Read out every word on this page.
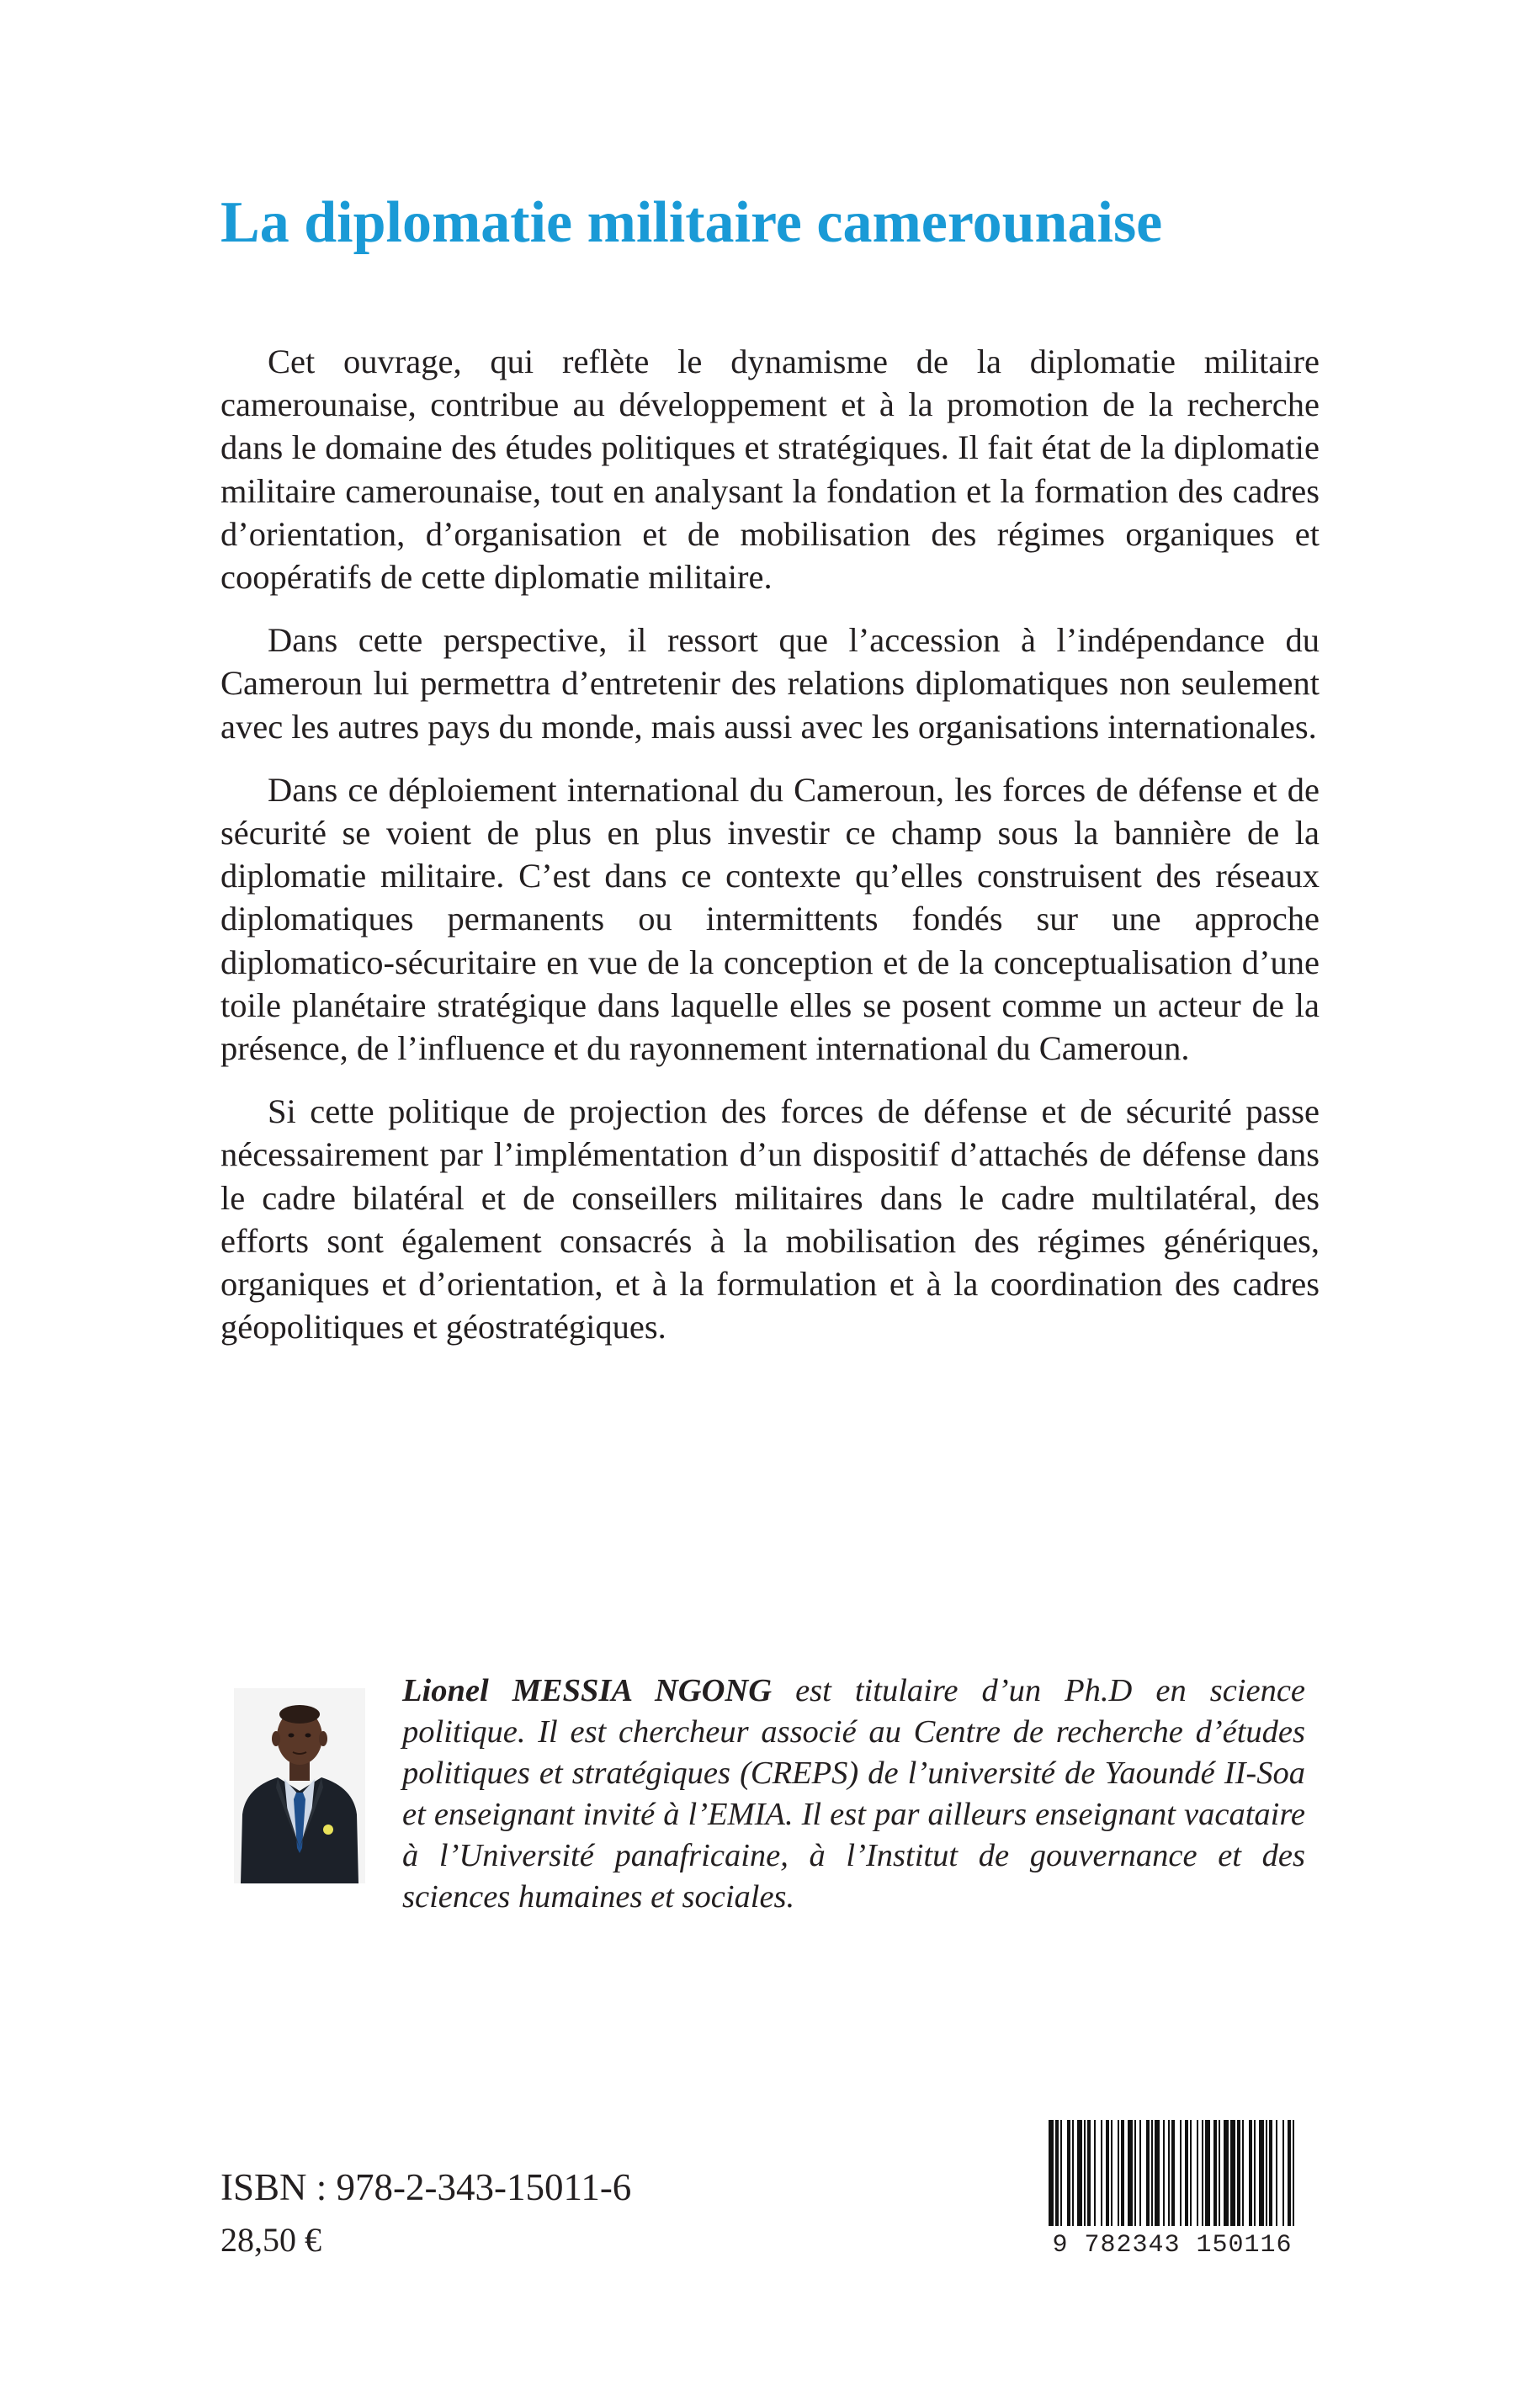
La diplomatie militaire camerounaise

Cet ouvrage, qui reflète le dynamisme de la diplomatie militaire camerounaise, contribue au développement et à la promotion de la recherche dans le domaine des études politiques et stratégiques. Il fait état de la diplomatie militaire camerounaise, tout en analysant la fondation et la formation des cadres d’orientation, d’organisation et de mobilisation des régimes organiques et coopératifs de cette diplomatie militaire.

Dans cette perspective, il ressort que l’accession à l’indépendance du Cameroun lui permettra d’entretenir des relations diplomatiques non seulement avec les autres pays du monde, mais aussi avec les organisations internationales.

Dans ce déploiement international du Cameroun, les forces de défense et de sécurité se voient de plus en plus investir ce champ sous la bannière de la diplomatie militaire. C’est dans ce contexte qu’elles construisent des réseaux diplomatiques permanents ou intermittents fondés sur une approche diplomatico-sécuritaire en vue de la conception et de la conceptualisation d’une toile planétaire stratégique dans laquelle elles se posent comme un acteur de la présence, de l’influence et du rayonnement international du Cameroun.

Si cette politique de projection des forces de défense et de sécurité passe nécessairement par l’implémentation d’un dispositif d’attachés de défense dans le cadre bilatéral et de conseillers militaires dans le cadre multilatéral, des efforts sont également consacrés à la mobilisation des régimes génériques, organiques et d’orientation, et à la formulation et à la coordination des cadres géopolitiques et géostratégiques.

Lionel MESSIA NGONG est titulaire d’un Ph.D en science politique. Il est chercheur associé au Centre de recherche d’études politiques et stratégiques (CREPS) de l’université de Yaoundé II-Soa et enseignant invité à l’EMIA. Il est par ailleurs enseignant vacataire à l’Université panafricaine, à l’Institut de gouvernance et des sciences humaines et sociales.

ISBN : 978-2-343-15011-6
28,50 €	9 782343 150116
